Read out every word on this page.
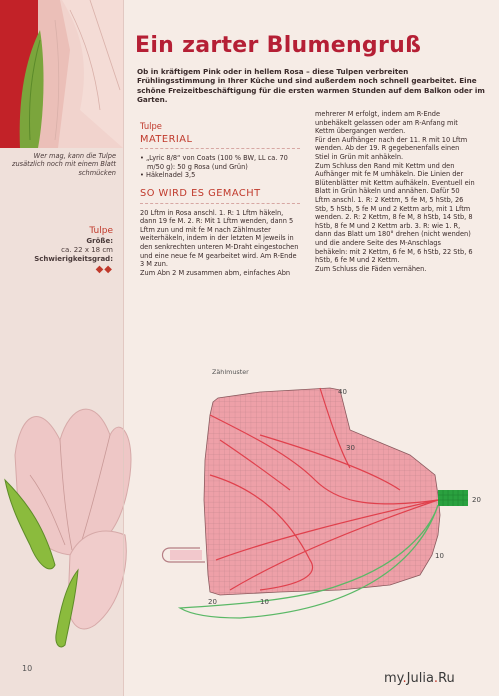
Wer mag, kann die Tulpe zusätzlich noch mit einem Blatt schmücken
Tulpe
Größe:
ca. 22 x 18 cm
Schwierigkeitsgrad:
◆◆
Ein zarter Blumengruß

Ob in kräftigem Pink oder in hellem Rosa – diese Tulpen verbreiten Frühlingsstimmung in Ihrer Küche und sind außerdem noch schnell gearbeitet. Eine schöne Freizeitbeschäftigung für die ersten warmen Stunden auf dem Balkon oder im Garten.

Tulpe
MATERIAL
• „Lyric 8/8“ von Coats (100 % BW, LL ca. 70 m/50 g): 50 g Rosa (und Grün)
• Häkelnadel 3,5
SO WIRD ES GEMACHT
20 Lftm in Rosa anschl. 1. R: 1 Lftm häkeln, dann 19 fe M. 2. R: Mit 1 Lftm wenden, dann 5 Lftm zun und mit fe M nach Zählmuster weiterhäkeln, indem in der letzten M jeweils in den senkrechten unteren M-Draht eingestochen und eine neue fe M gearbeitet wird. Am R-Ende 3 M zun.
Zum Abn 2 M zusammen abm, einfaches Abn
mehrerer M erfolgt, indem am R-Ende unbehäkelt gelassen oder am R-Anfang mit Kettm übergangen werden.
Für den Aufhänger nach der 11. R mit 10 Lftm wenden. Ab der 19. R gegebenenfalls einen Stiel in Grün mit anhäkeln.
Zum Schluss den Rand mit Kettm und den Aufhänger mit fe M umhäkeln. Die Linien der Blütenblätter mit Kettm aufhäkeln. Eventuell ein Blatt in Grün häkeln und annähen. Dafür 50 Lftm anschl. 1. R: 2 Kettm, 5 fe M, 5 hStb, 26 Stb, 5 hStb, 5 fe M und 2 Kettm arb, mit 1 Lftm wenden. 2. R: 2 Kettm, 8 fe M, 8 hStb, 14 Stb, 8 hStb, 8 fe M und 2 Kettm arb. 3. R: wie 1. R, dann das Blatt um 180° drehen (nicht wenden) und die andere Seite des M-Anschlags behäkeln: mit 2 Kettm, 6 fe M, 6 hStb, 22 Stb, 6 hStb, 6 fe M und 2 Kettm.
Zum Schluss die Fäden vernähen.
Zählmuster
40
30
20
10
20	10
10
my.Julia.Ru
